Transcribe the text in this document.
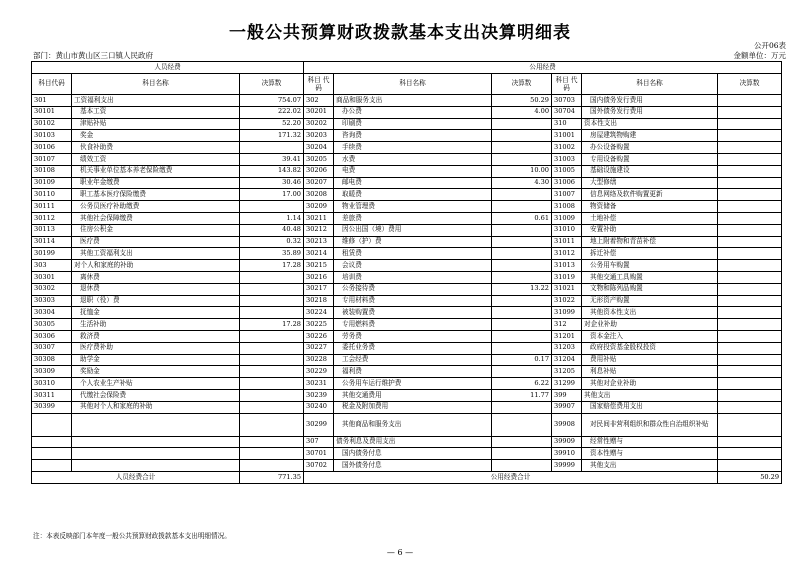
一般公共预算财政拨款基本支出决算明细表
公开06表
部门：黄山市黄山区三口镇人民政府	金额单位：万元
人员经费			公用经费					
科目代码	科目名称	决算数	科目 代码	科目名称	决算数	科目 代码	科目名称	决算数
301	工资福利支出	754.07	302	商品和服务支出	50.29	30703	国内债务发行费用	
30101	基本工资	222.02	30201	办公费	4.00	30704	国外债务发行费用	
30102	津贴补贴	52.20	30202	印刷费		310	资本性支出	
30103	奖金	171.32	30203	咨询费		31001	房屋建筑物购建	
30106	伙食补助费		30204	手续费		31002	办公设备购置	
30107	绩效工资	39.41	30205	水费		31003	专用设备购置	
30108	机关事业单位基本养老保险缴费	143.82	30206	电费	10.00	31005	基础设施建设	
30109	职业年金缴费	30.46	30207	邮电费	4.30	31006	大型修缮	
30110	职工基本医疗保险缴费	17.00	30208	取暖费		31007	信息网络及软件购置更新	
30111	公务员医疗补助缴费		30209	物业管理费		31008	物资储备	
30112	其他社会保障缴费	1.14	30211	差旅费	0.61	31009	土地补偿	
30113	住房公积金	40.48	30212	因公出国（境）费用		31010	安置补助	
30114	医疗费	0.32	30213	维修（护）费		31011	地上附着物和青苗补偿	
30199	其他工资福利支出	35.89	30214	租赁费		31012	拆迁补偿	
303	对个人和家庭的补助	17.28	30215	会议费		31013	公务用车购置	
30301	离休费		30216	培训费		31019	其他交通工具购置	
30302	退休费		30217	公务接待费	13.22	31021	文物和陈列品购置	
30303	退职（役）费		30218	专用材料费		31022	无形资产购置	
30304	抚恤金		30224	被装购置费		31099	其他资本性支出	
30305	生活补助	17.28	30225	专用燃料费		312	对企业补助	
30306	救济费		30226	劳务费		31201	资本金注入	
30307	医疗费补助		30227	委托业务费		31203	政府投资基金股权投资	
30308	助学金		30228	工会经费	0.17	31204	费用补贴	
30309	奖励金		30229	福利费		31205	利息补贴	
30310	个人农业生产补贴		30231	公务用车运行维护费	6.22	31299	其他对企业补助	
30311	代缴社会保险费		30239	其他交通费用	11.77	399	其他支出	
30399	其他对个人和家庭的补助		30240	税金及附加费用		39907	国家赔偿费用支出	
			30299	其他商品和服务支出		39908	对民间非营利组织和群众性自治组织补贴	
			307	债务利息及费用支出		39909	经常性赠与	
			30701	国内债务付息		39910	资本性赠与	
			30702	国外债务付息		39999	其他支出	
人员经费合计		771.35	公用经费合计					50.29
注：本表反映部门本年度一般公共预算财政拨款基本支出明细情况。
— 6 —
